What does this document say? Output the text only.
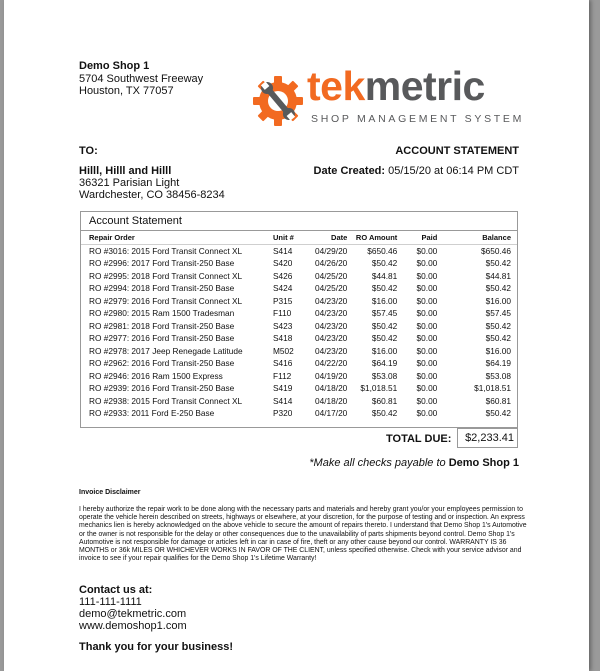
Demo Shop 1
5704 Southwest Freeway
Houston, TX 77057	tekmetric
SHOP MANAGEMENT SYSTEM
TO:	ACCOUNT STATEMENT
Hilll, Hilll and Hilll
36321 Parisian Light
Wardchester, CO 38456-8234
Date Created: 05/15/20 at 06:14 PM CDT
Account Statement
Repair Order	Unit #	Date	RO Amount	Paid	Balance
RO #3016: 2015 Ford Transit Connect XL	S414	04/29/20	$650.46	$0.00	$650.46
RO #2996: 2017 Ford Transit-250 Base	S420	04/26/20	$50.42	$0.00	$50.42
RO #2995: 2018 Ford Transit Connect XL	S426	04/25/20	$44.81	$0.00	$44.81
RO #2994: 2018 Ford Transit-250 Base	S424	04/25/20	$50.42	$0.00	$50.42
RO #2979: 2016 Ford Transit Connect XL	P315	04/23/20	$16.00	$0.00	$16.00
RO #2980: 2015 Ram 1500 Tradesman	F110	04/23/20	$57.45	$0.00	$57.45
RO #2981: 2018 Ford Transit-250 Base	S423	04/23/20	$50.42	$0.00	$50.42
RO #2977: 2016 Ford Transit-250 Base	S418	04/23/20	$50.42	$0.00	$50.42
RO #2978: 2017 Jeep Renegade Latitude	M502	04/23/20	$16.00	$0.00	$16.00
RO #2962: 2016 Ford Transit-250 Base	S416	04/22/20	$64.19	$0.00	$64.19
RO #2946: 2016 Ram 1500 Express	F112	04/19/20	$53.08	$0.00	$53.08
RO #2939: 2016 Ford Transit-250 Base	S419	04/18/20	$1,018.51	$0.00	$1,018.51
RO #2938: 2015 Ford Transit Connect XL	S414	04/18/20	$60.81	$0.00	$60.81
RO #2933: 2011 Ford E-250 Base	P320	04/17/20	$50.42	$0.00	$50.42
TOTAL DUE:	$2,233.41
*Make all checks payable to Demo Shop 1
Invoice Disclaimer
I hereby authorize the repair work to be done along with the necessary parts and materials and hereby grant you/or your employees permission to operate the vehicle herein described on streets, highways or elsewhere, at your discretion, for the purpose of testing and or inspection. An express mechanics lien is hereby acknowledged on the above vehicle to secure the amount of repairs thereto. I understand that Demo Shop 1's Automotive or the owner is not responsible for the delay or other consequences due to the unavailability of parts shipments beyond control. Demo Shop 1's Automotive is not responsible for damage or articles left in car in case of fire, theft or any other cause beyond our control. WARRANTY IS 36 MONTHS or 36k MILES OR WHICHEVER WORKS IN FAVOR OF THE CLIENT, unless specified otherwise. Check with your service advisor and invoice to see if your repair qualifies for the Demo Shop 1's Lifetime Warranty!
Contact us at:
111-111-1111
demo@tekmetric.com
www.demoshop1.com
Thank you for your business!
